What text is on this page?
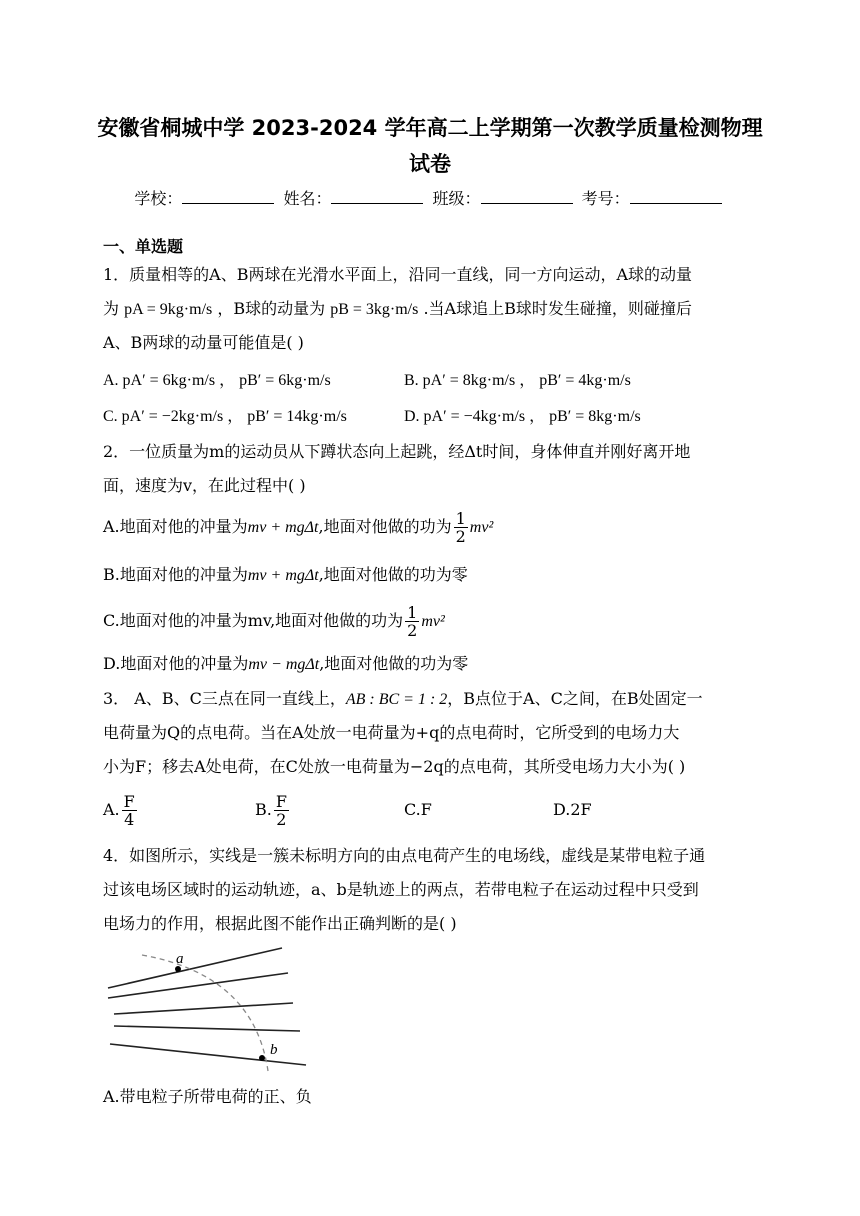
安徽省桐城中学 2023-2024 学年高二上学期第一次教学质量检测物理
试卷
学校：	姓名：	班级：	考号：
一、单选题
1．质量相等的A、B两球在光滑水平面上，沿同一直线，同一方向运动，A球的动量
为 pA = 9kg·m/s ，B球的动量为 pB = 3kg·m/s .当A球追上B球时发生碰撞，则碰撞后
A、B两球的动量可能值是( )
A. pA′ = 6kg·m/s ， pB′ = 6kg·m/s	B. pA′ = 8kg·m/s ， pB′ = 4kg·m/s
C. pA′ = −2kg·m/s ， pB′ = 14kg·m/s	D. pA′ = −4kg·m/s ， pB′ = 8kg·m/s
2．一位质量为m的运动员从下蹲状态向上起跳，经Δt时间，身体伸直并刚好离开地
面，速度为v，在此过程中( )
A.地面对他的冲量为mv + mgΔt,地面对他做的功为 $\frac{1}{2} mv^2$
B.地面对他的冲量为mv + mgΔt,地面对他做的功为零
C.地面对他的冲量为mv,地面对他做的功为 $\frac{1}{2} mv^2$
D.地面对他的冲量为mv − mgΔt,地面对他做的功为零
3． A、B、C三点在同一直线上，AB : BC = 1 : 2，B点位于A、C之间，在B处固定一
电荷量为Q的点电荷。当在A处放一电荷量为+q的点电荷时，它所受到的电场力大
小为F；移去A处电荷，在C处放一电荷量为−2q的点电荷，其所受电场力大小为( )
A. $\frac{F}{4}$	B. $\frac{F}{2}$	C.F	D.2F
4．如图所示，实线是一簇未标明方向的由点电荷产生的电场线，虚线是某带电粒子通
过该电场区域时的运动轨迹，a、b是轨迹上的两点，若带电粒子在运动过程中只受到
电场力的作用，根据此图不能作出正确判断的是( )
a
b
A.带电粒子所带电荷的正、负
